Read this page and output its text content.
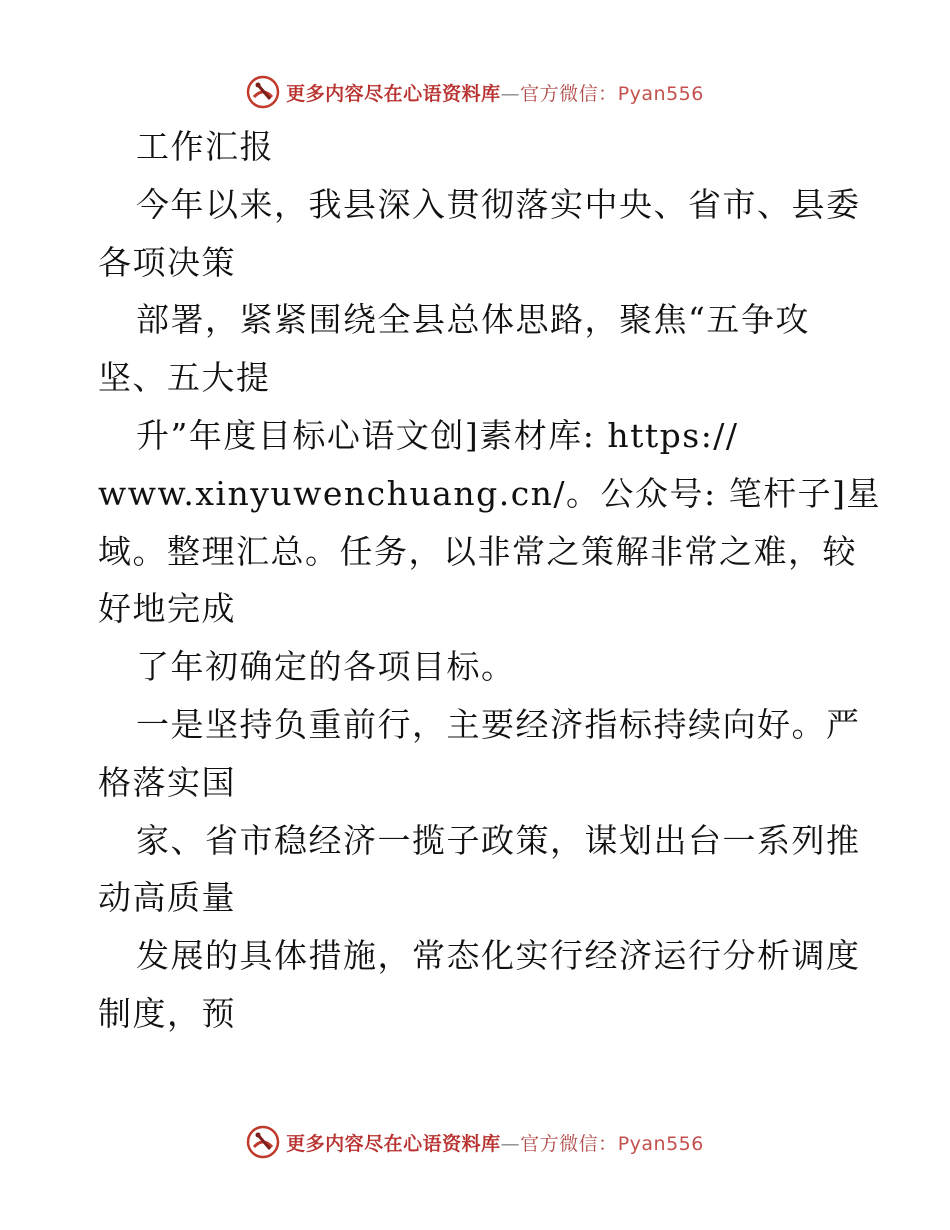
更多内容尽在心语资料库—官方微信：Pyan556
工作汇报
今年以来，我县深入贯彻落实中央、省市、县委
各项决策
部署，紧紧围绕全县总体思路，聚焦“五争攻
坚、五大提
升”年度目标心语文创]素材库: https://
www.xinyuwenchuang.cn/。公众号: 笔杆子]星
域。整理汇总。任务，以非常之策解非常之难，较
好地完成
了年初确定的各项目标。
一是坚持负重前行，主要经济指标持续向好。严
格落实国
家、省市稳经济一揽子政策，谋划出台一系列推
动高质量
发展的具体措施，常态化实行经济运行分析调度
制度，预
更多内容尽在心语资料库—官方微信：Pyan556
